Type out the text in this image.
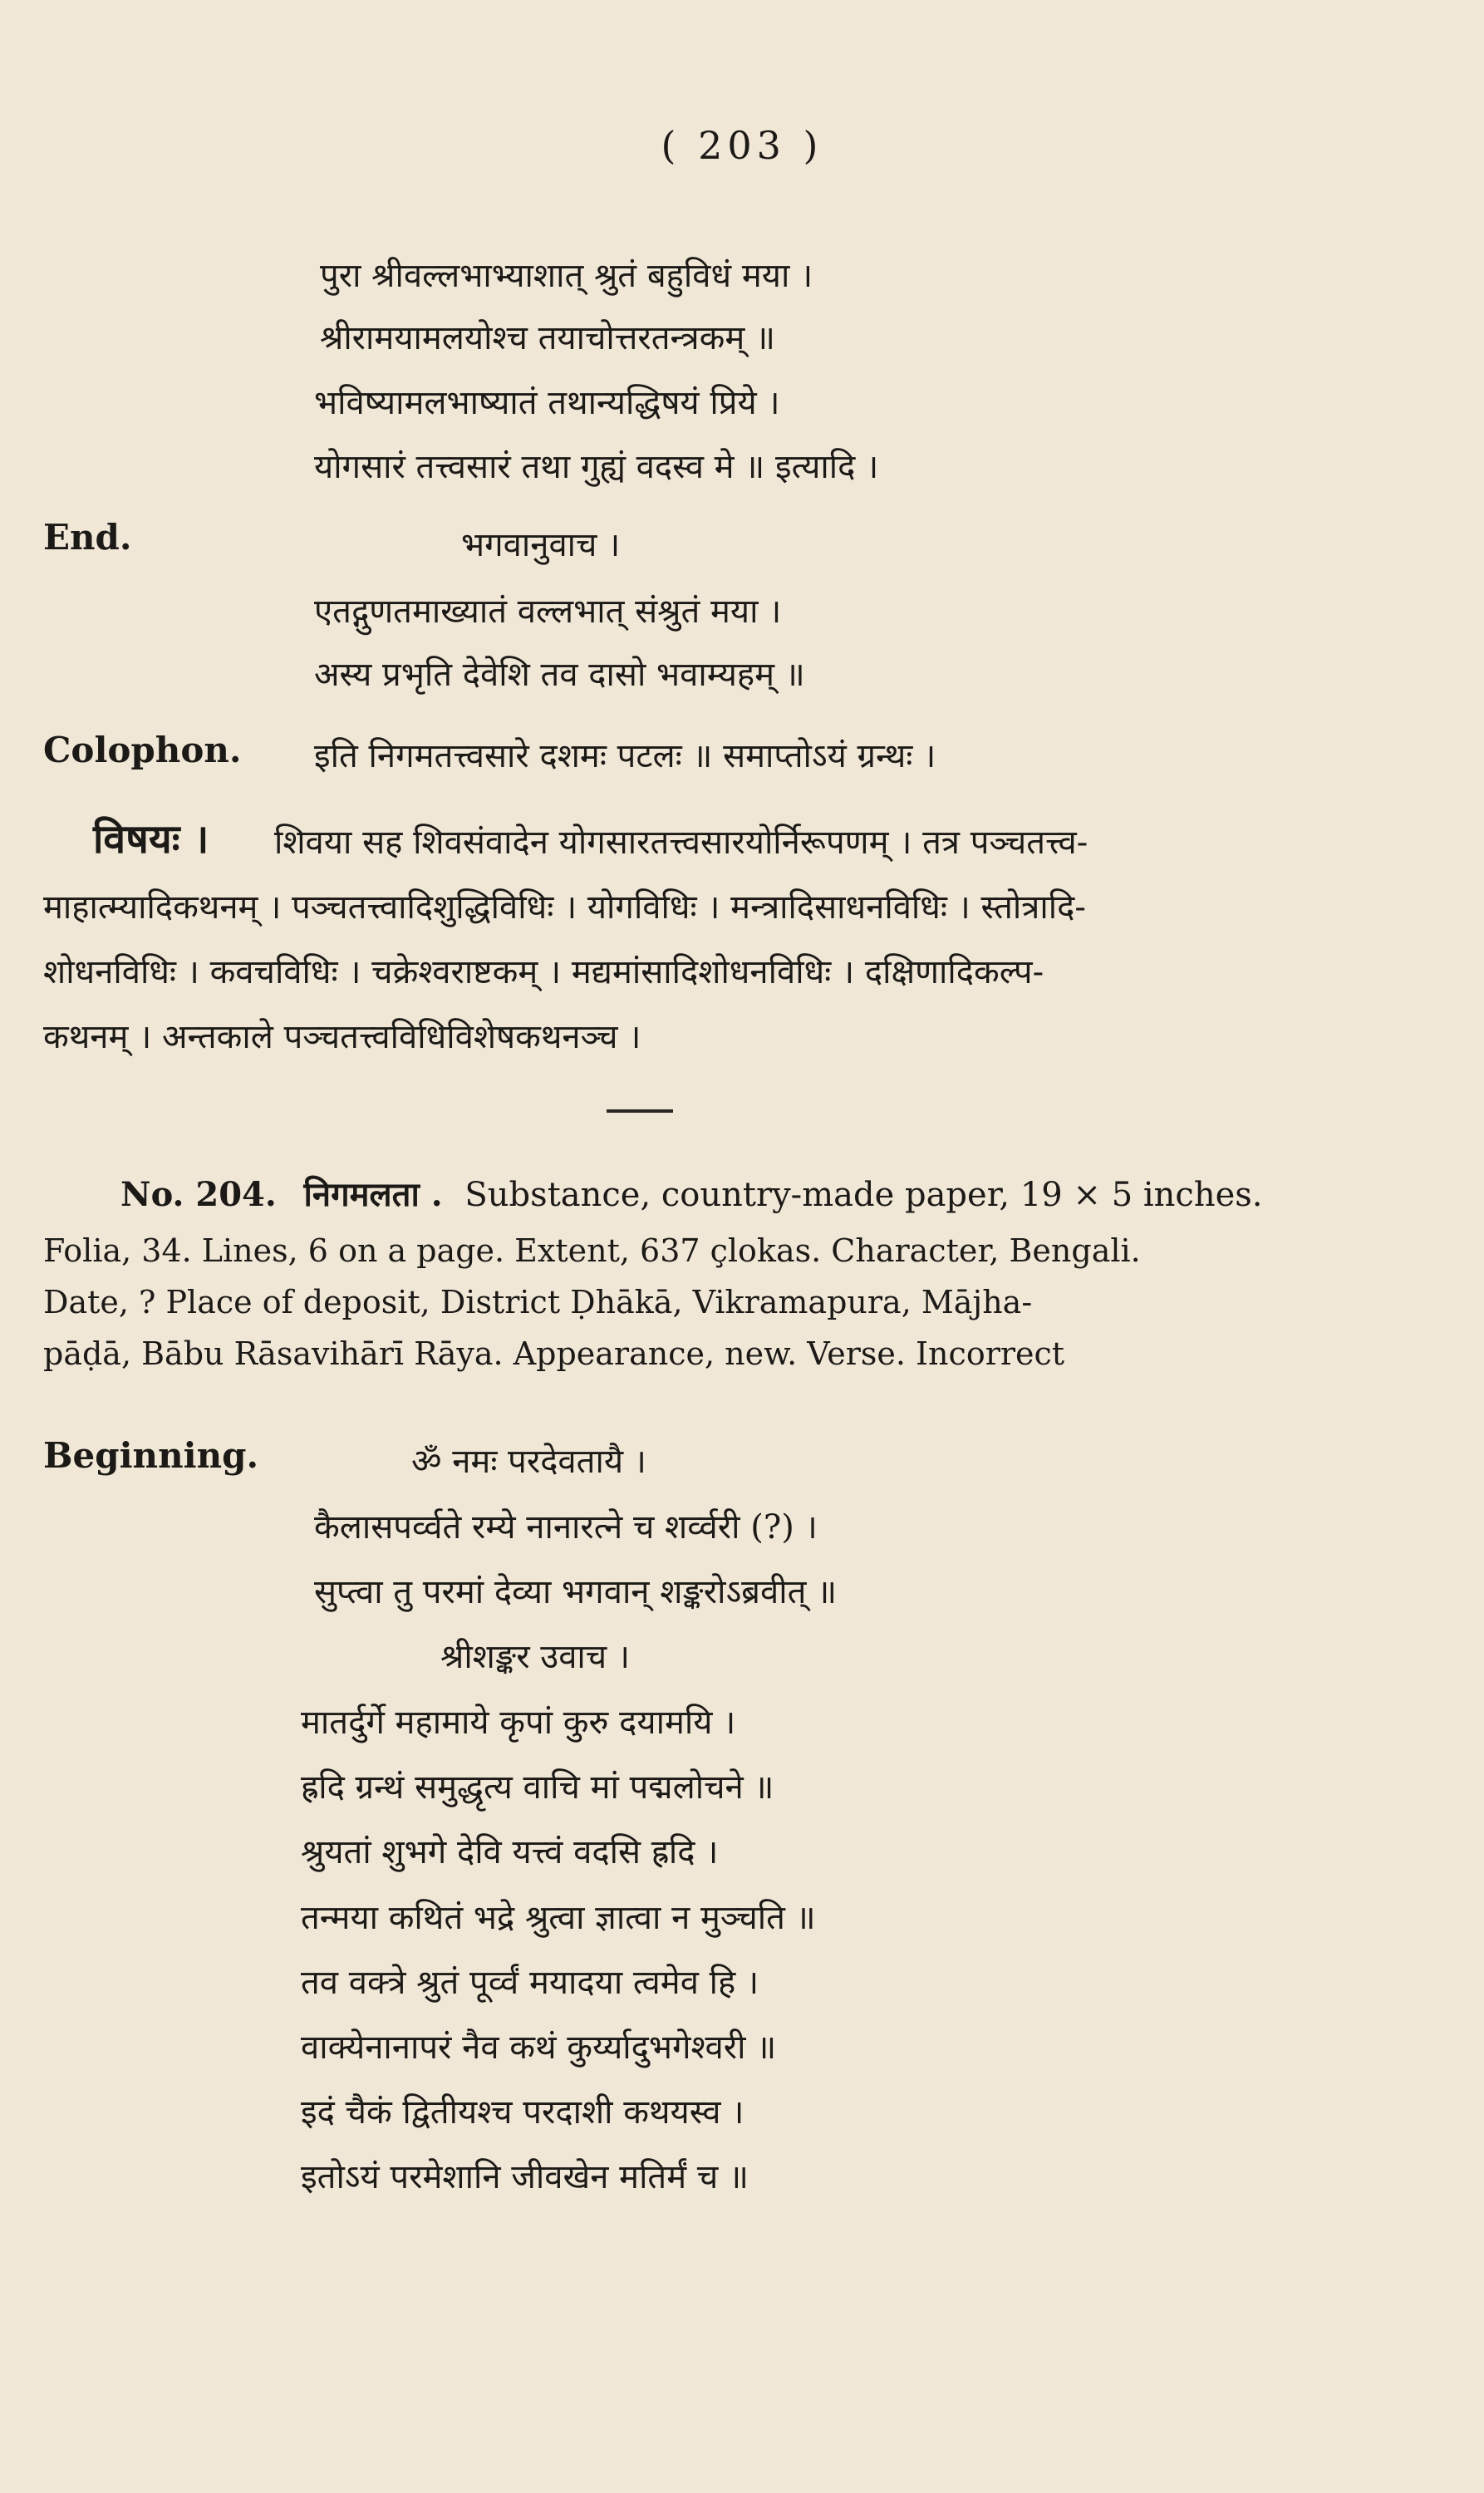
( 203 )
पुरा श्रीवल्लभाभ्याशात् श्रुतं बहुविधं मया ।
श्रीरामयामलयोश्च तयाचोत्तरतन्त्रकम् ॥
भविष्यामलभाष्यातं तथान्यद्धिषयं प्रिये ।
योगसारं तत्त्वसारं तथा गुह्यं वदस्व मे ॥ इत्यादि ।
End.	भगवानुवाच ।
एतद्गुणतमाख्यातं वल्लभात् संश्रुतं मया ।
अस्य प्रभृति देवेशि तव दासो भवाम्यहम् ॥
Colophon. इति निगमतत्त्वसारे दशमः पटलः ॥ समाप्तोऽयं ग्रन्थः ।
विषयः । शिवया सह शिवसंवादेन योगसारतत्त्वसारयोर्निरूपणम् । तत्र पञ्चतत्त्व-
माहात्म्यादिकथनम् । पञ्चतत्त्वादिशुद्धिविधिः । योगविधिः । मन्त्रादिसाधनविधिः । स्तोत्रादि-
शोधनविधिः । कवचविधिः । चक्रेश्वराष्टकम् । मद्यमांसादिशोधनविधिः । दक्षिणादिकल्प-
कथनम् । अन्तकाले पञ्चतत्त्वविधिविशेषकथनञ्च ।
No. 204. निगमलता . Substance, country-made paper, 19 × 5 inches.
Folia, 34. Lines, 6 on a page. Extent, 637 çlokas. Character, Bengali.
Date, ? Place of deposit, District Ḍhākā, Vikramapura, Mājha-
pāḍā, Bābu Rāsavihārī Rāya. Appearance, new. Verse. Incorrect
Beginning.	ॐ नमः परदेवतायै ।
कैलासपर्व्वते रम्ये नानारत्ने च शर्व्वरी (?) ।
सुप्त्वा तु परमां देव्या भगवान् शङ्करोऽब्रवीत् ॥
श्रीशङ्कर उवाच ।
मातर्दुर्गे महामाये कृपां कुरु दयामयि ।
ह्रदि ग्रन्थं समुद्धृत्य वाचि मां पद्मलोचने ॥
श्रुयतां शुभगे देवि यत्त्वं वदसि ह्रदि ।
तन्मया कथितं भद्रे श्रुत्वा ज्ञात्वा न मुञ्चति ॥
तव वक्त्रे श्रुतं पूर्व्वं मयादया त्वमेव हि ।
वाक्येनानापरं नैव कथं कुर्य्यादुभगेश्वरी ॥
इदं चैकं द्वितीयश्च परदाशी कथयस्व ।
इतोऽयं परमेशानि जीवखेन मतिर्मं च ॥
